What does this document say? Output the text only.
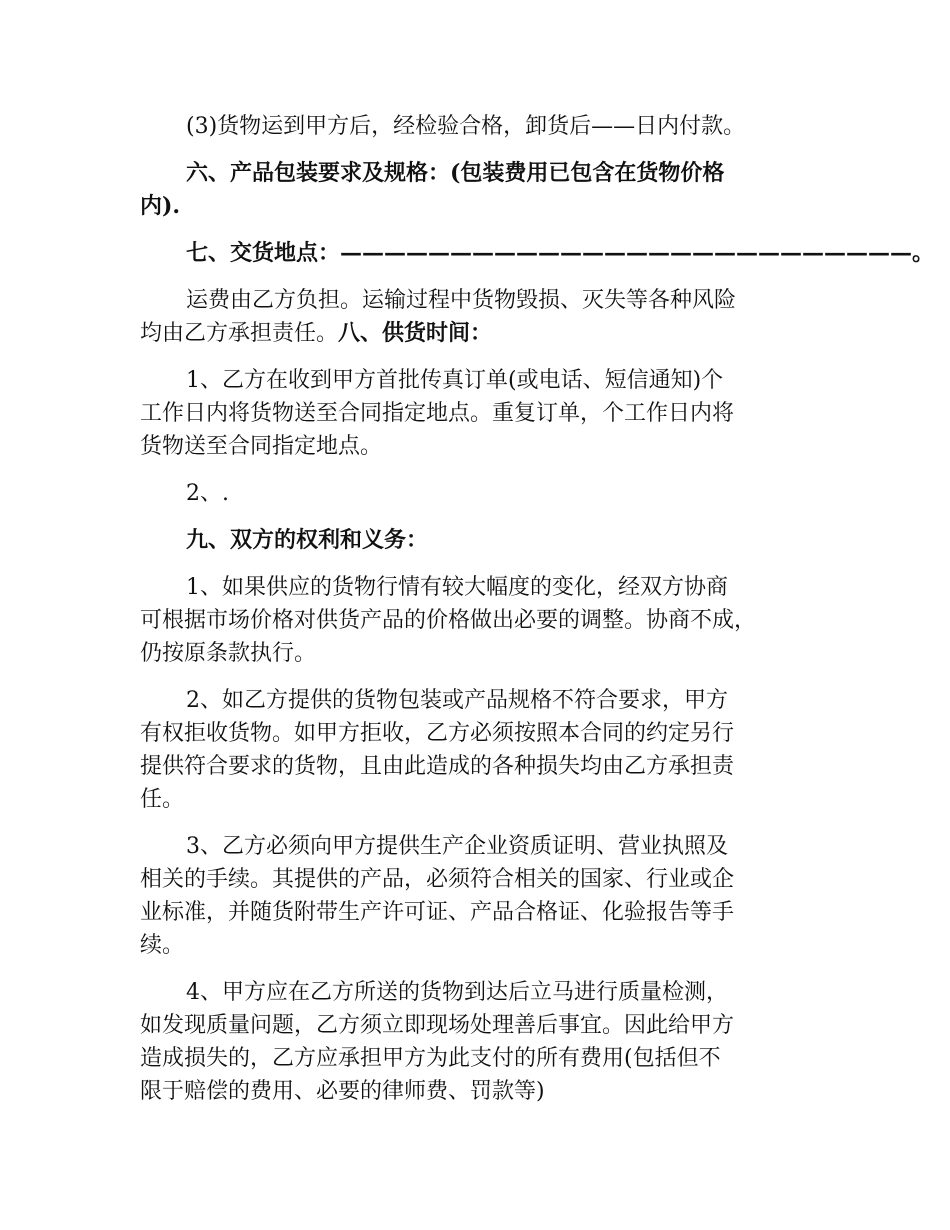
(3)货物运到甲方后，经检验合格，卸货后——日内付款。
六、产品包装要求及规格：(包装费用已包含在货物价格
内).
七、交货地点：——————————————————————————。
运费由乙方负担。运输过程中货物毁损、灭失等各种风险
均由乙方承担责任。八、供货时间：
1、乙方在收到甲方首批传真订单(或电话、短信通知)个
工作日内将货物送至合同指定地点。重复订单，个工作日内将
货物送至合同指定地点。
2、.
九、双方的权利和义务：
1、如果供应的货物行情有较大幅度的变化，经双方协商
可根据市场价格对供货产品的价格做出必要的调整。协商不成，
仍按原条款执行。
2、如乙方提供的货物包装或产品规格不符合要求，甲方
有权拒收货物。如甲方拒收，乙方必须按照本合同的约定另行
提供符合要求的货物，且由此造成的各种损失均由乙方承担责
任。
3、乙方必须向甲方提供生产企业资质证明、营业执照及
相关的手续。其提供的产品，必须符合相关的国家、行业或企
业标准，并随货附带生产许可证、产品合格证、化验报告等手
续。
4、甲方应在乙方所送的货物到达后立马进行质量检测，
如发现质量问题，乙方须立即现场处理善后事宜。因此给甲方
造成损失的，乙方应承担甲方为此支付的所有费用(包括但不
限于赔偿的费用、必要的律师费、罚款等)
